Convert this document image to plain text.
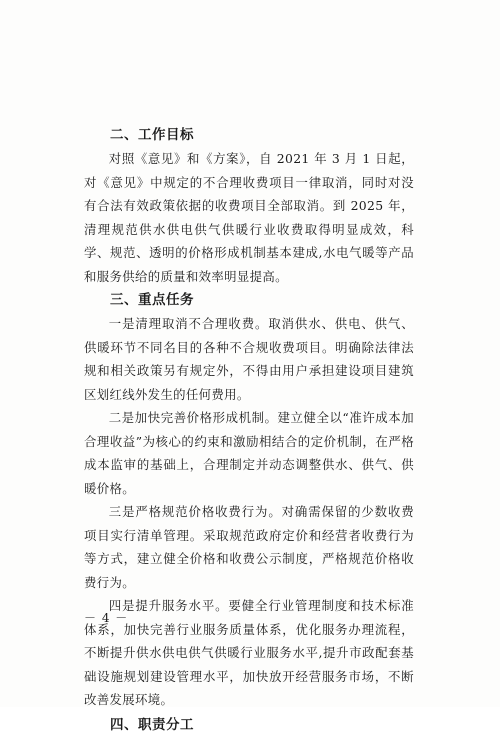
二、工作目标

对照《意见》和《方案》，自 2021 年 3 月 1 日起，对《意见》中规定的不合理收费项目一律取消，同时对没有合法有效政策依据的收费项目全部取消。到 2025 年，清理规范供水供电供气供暖行业收费取得明显成效，科学、规范、透明的价格形成机制基本建成,水电气暖等产品和服务供给的质量和效率明显提高。

三、重点任务

一是清理取消不合理收费。取消供水、供电、供气、供暖环节不同名目的各种不合规收费项目。明确除法律法规和相关政策另有规定外，不得由用户承担建设项目建筑区划红线外发生的任何费用。

二是加快完善价格形成机制。建立健全以“准许成本加合理收益”为核心的约束和激励相结合的定价机制，在严格成本监审的基础上，合理制定并动态调整供水、供气、供暖价格。

三是严格规范价格收费行为。对确需保留的少数收费项目实行清单管理。采取规范政府定价和经营者收费行为等方式，建立健全价格和收费公示制度，严格规范价格收费行为。

四是提升服务水平。要健全行业管理制度和技术标准体系，加快完善行业服务质量体系，优化服务办理流程，不断提升供水供电供气供暖行业服务水平,提升市政配套基础设施规划建设管理水平，加快放开经营服务市场，不断改善发展环境。

四、职责分工
－ 4 －
